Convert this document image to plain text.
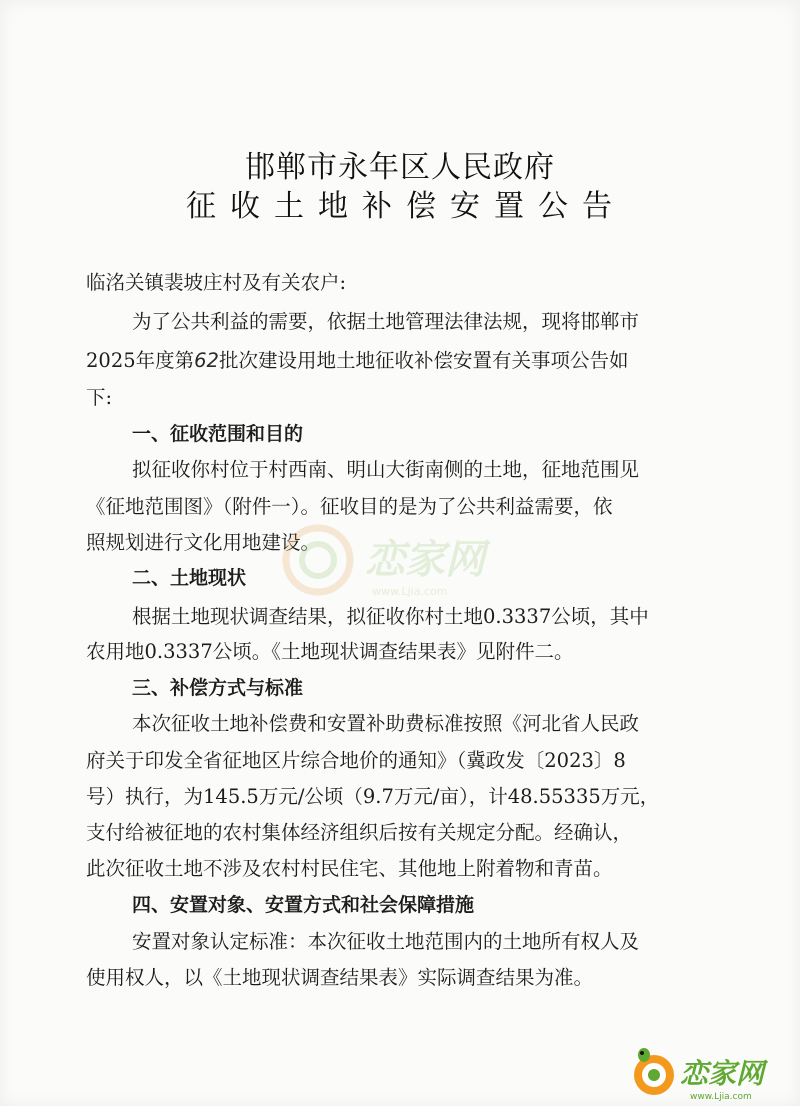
邯郸市永年区人民政府
征收土地补偿安置公告
临洺关镇裴坡庄村及有关农户:
为了公共利益的需要，依据土地管理法律法规，现将邯郸市
2025年度第62批次建设用地土地征收补偿安置有关事项公告如
下:
一、征收范围和目的
拟征收你村位于村西南、明山大街南侧的土地，征地范围见
《征地范围图》（附件一）。征收目的是为了公共利益需要，依
照规划进行文化用地建设。
二、土地现状
根据土地现状调查结果，拟征收你村土地0.3337公顷，其中
农用地0.3337公顷。《土地现状调查结果表》见附件二。
三、补偿方式与标准
本次征收土地补偿费和安置补助费标准按照《河北省人民政
府关于印发全省征地区片综合地价的通知》（冀政发〔2023〕8
号）执行，为145.5万元/公顷（9.7万元/亩），计48.55335万元，
支付给被征地的农村集体经济组织后按有关规定分配。经确认，
此次征收土地不涉及农村村民住宅、其他地上附着物和青苗。
四、安置对象、安置方式和社会保障措施
安置对象认定标准：本次征收土地范围内的土地所有权人及
使用权人，以《土地现状调查结果表》实际调查结果为准。
恋家网
www.Ljia.com
恋家网
www.Ljia.com
